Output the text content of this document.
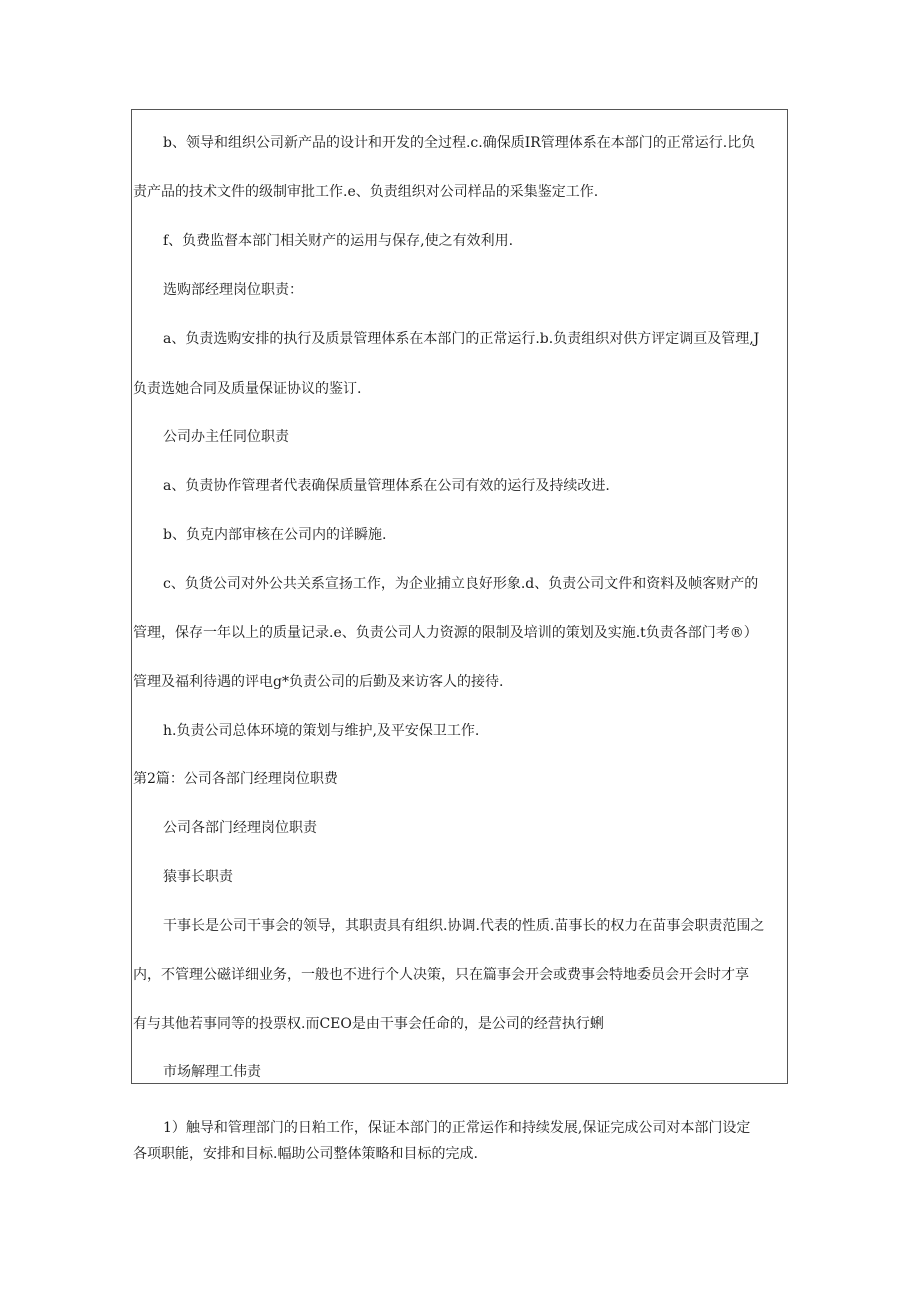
b、领导和组织公司新产品的设计和开发的全过程.c.确保质IR管理体系在本部门的正常运行.比负
责产品的技术文件的级制审批工作.e、负责组织对公司样品的采集鉴定工作.
f、负费监督本部门相关财产的运用与保存,使之有效利用.
选购部经理岗位职责：
a、负责选购安排的执行及质景管理体系在本部门的正常运行.b.负责组织对供方评定调亘及管理,J
负责选她合同及质量保证协议的鉴订.
公司办主任同位职责
a、负责协作管理者代表确保质量管理体系在公司有效的运行及持续改进.
b、负克内部审核在公司内的详瞬施.
c、负货公司对外公共关系宣扬工作，为企业捕立良好形象.d、负责公司文件和资料及帧客财产的
管理，保存一年以上的质量记录.e、负责公司人力资源的限制及培训的策划及实施.t负责各部门考®）
管理及福利待遇的评电g*负责公司的后勤及来访客人的接待.
h.负责公司总体环境的策划与维护,及平安保卫工作.
第2篇：公司各部门经理岗位职费
公司各部门经理岗位职责
猿事长职责
干事长是公司干事会的领导，其职责具有组织.协调.代表的性质.苗事长的权力在苗事会职责范围之
内，不管理公磁详细业务，一般也不进行个人决策，只在篇事会开会或费事会特地委员会开会时才享
有与其他若事同等的投票权.而CEO是由干事会任命的，是公司的经营执行蜊
市场解理工伟责
1）触导和管理部门的日粕工作，保证本部门的正常运作和持续发展,保证完成公司对本部门设定
各项职能，安排和目标.幅助公司整体策略和目标的完成.
